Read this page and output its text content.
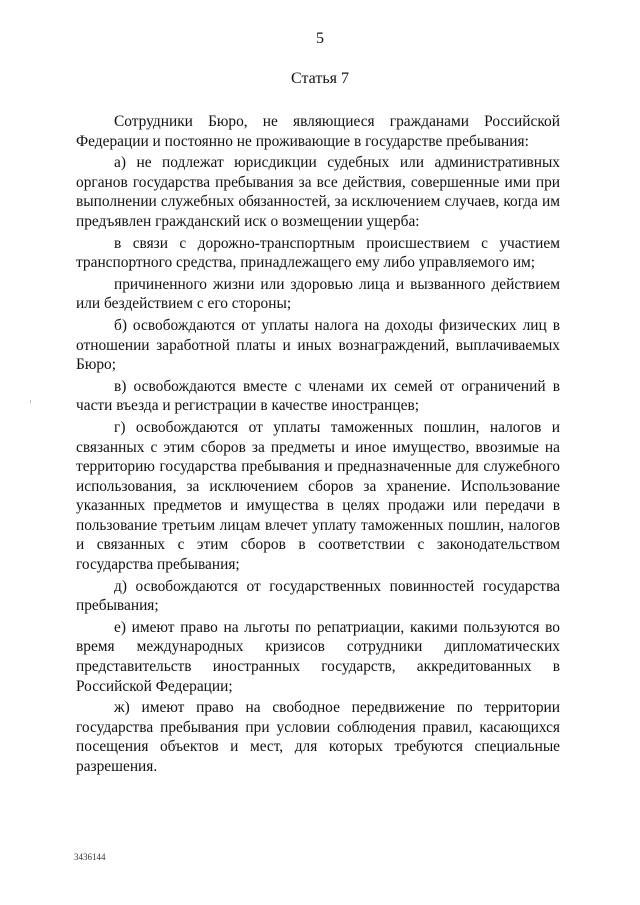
5
Статья 7

Сотрудники Бюро, не являющиеся гражданами Российской Федерации и постоянно не проживающие в государстве пребывания:

а) не подлежат юрисдикции судебных или административных органов государства пребывания за все действия, совершенные ими при выполнении служебных обязанностей, за исключением случаев, когда им предъявлен гражданский иск о возмещении ущерба:

в связи с дорожно-транспортным происшествием с участием транспортного средства, принадлежащего ему либо управляемого им;

причиненного жизни или здоровью лица и вызванного действием или бездействием с его стороны;

б) освобождаются от уплаты налога на доходы физических лиц в отношении заработной платы и иных вознаграждений, выплачиваемых Бюро;

в) освобождаются вместе с членами их семей от ограничений в части въезда и регистрации в качестве иностранцев;

г) освобождаются от уплаты таможенных пошлин, налогов и связанных с этим сборов за предметы и иное имущество, ввозимые на территорию государства пребывания и предназначенные для служебного использования, за исключением сборов за хранение. Использование указанных предметов и имущества в целях продажи или передачи в пользование третьим лицам влечет уплату таможенных пошлин, налогов и связанных с этим сборов в соответствии с законодательством государства пребывания;

д) освобождаются от государственных повинностей государства пребывания;

е) имеют право на льготы по репатриации, какими пользуются во время международных кризисов сотрудники дипломатических представительств иностранных государств, аккредитованных в Российской Федерации;

ж) имеют право на свободное передвижение по территории государства пребывания при условии соблюдения правил, касающихся посещения объектов и мест, для которых требуются специальные разрешения.

3436144
